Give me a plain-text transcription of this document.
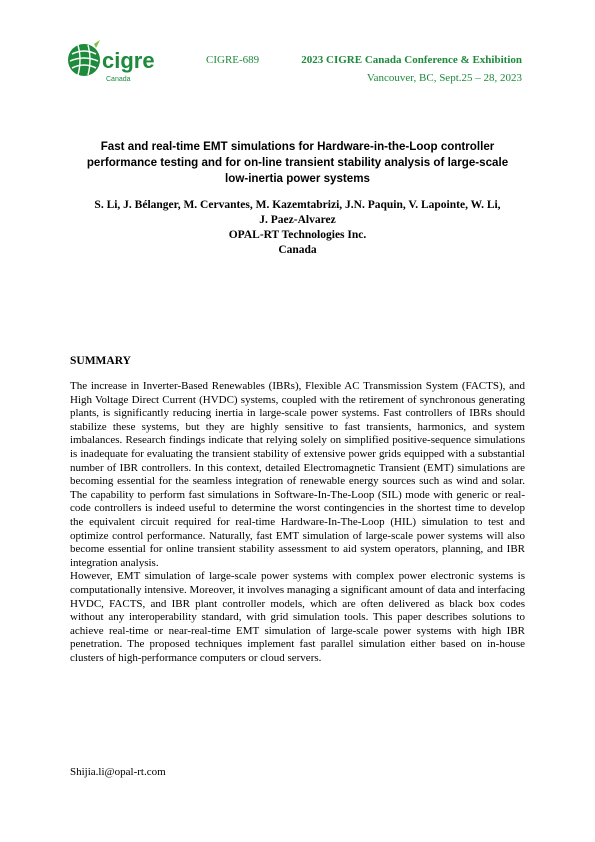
cigre
Canada
CIGRE-689	2023 CIGRE Canada Conference & Exhibition
Vancouver, BC, Sept.25 – 28, 2023
Fast and real-time EMT simulations for Hardware-in-the-Loop controller
performance testing and for on-line transient stability analysis of large-scale
low-inertia power systems
S. Li, J. Bélanger, M. Cervantes, M. Kazemtabrizi, J.N. Paquin, V. Lapointe, W. Li,
J. Paez-Alvarez
OPAL-RT Technologies Inc.
Canada
SUMMARY

The increase in Inverter-Based Renewables (IBRs), Flexible AC Transmission System (FACTS), and High Voltage Direct Current (HVDC) systems, coupled with the retirement of synchronous generating plants, is significantly reducing inertia in large-scale power systems. Fast controllers of IBRs should stabilize these systems, but they are highly sensitive to fast transients, harmonics, and system imbalances. Research findings indicate that relying solely on simplified positive-sequence simulations is inadequate for evaluating the transient stability of extensive power grids equipped with a substantial number of IBR controllers. In this context, detailed Electromagnetic Transient (EMT) simulations are becoming essential for the seamless integration of renewable energy sources such as wind and solar. The capability to perform fast simulations in Software-In-The-Loop (SIL) mode with generic or real-code controllers is indeed useful to determine the worst contingencies in the shortest time to develop the equivalent circuit required for real-time Hardware-In-The-Loop (HIL) simulation to test and optimize control performance. Naturally, fast EMT simulation of large-scale power systems will also become essential for online transient stability assessment to aid system operators, planning, and IBR integration analysis.

However, EMT simulation of large-scale power systems with complex power electronic systems is computationally intensive. Moreover, it involves managing a significant amount of data and interfacing HVDC, FACTS, and IBR plant controller models, which are often delivered as black box codes without any interoperability standard, with grid simulation tools. This paper describes solutions to achieve real-time or near-real-time EMT simulation of large-scale power systems with high IBR penetration. The proposed techniques implement fast parallel simulation either based on in-house clusters of high-performance computers or cloud servers.

Shijia.li@opal-rt.com
